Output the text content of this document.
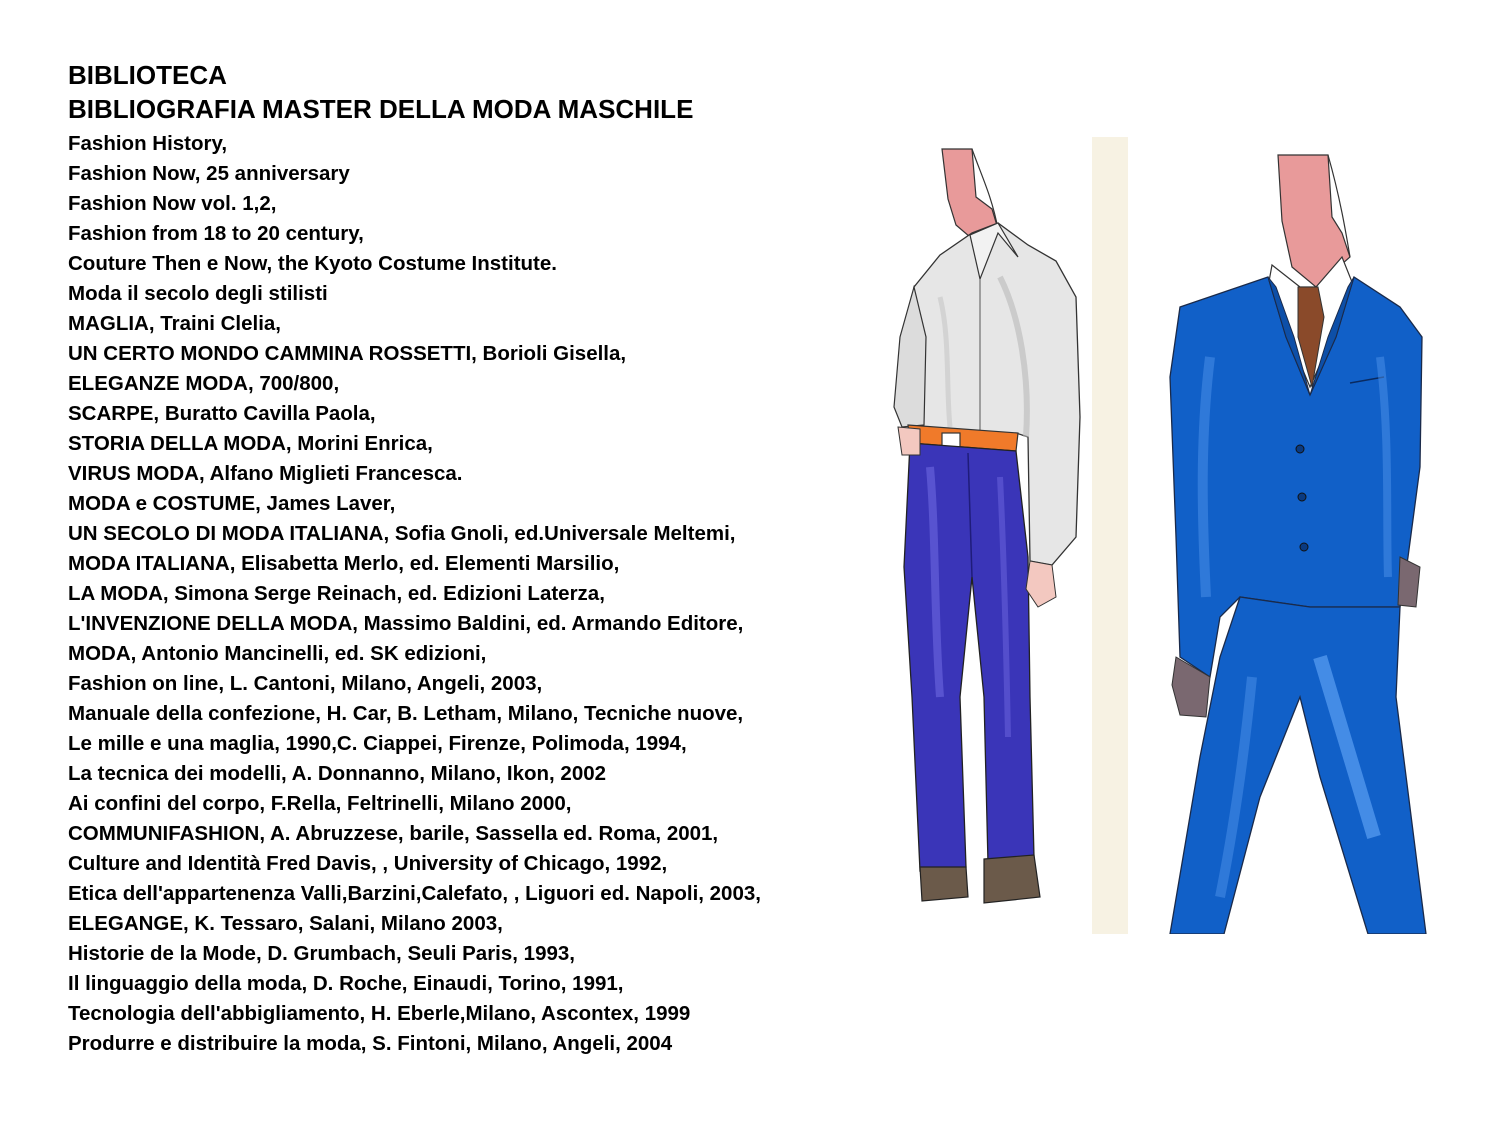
BIBLIOTECA
BIBLIOGRAFIA MASTER DELLA MODA MASCHILE
Fashion History,
Fashion Now, 25 anniversary
Fashion Now vol. 1,2,
Fashion from 18 to 20 century,
Couture Then e Now, the Kyoto Costume Institute.
Moda il secolo degli stilisti
MAGLIA, Traini Clelia,
UN CERTO MONDO CAMMINA ROSSETTI, Borioli Gisella,
ELEGANZE MODA, 700/800,
SCARPE, Buratto Cavilla Paola,
STORIA DELLA MODA, Morini Enrica,
VIRUS MODA, Alfano Miglieti Francesca.
MODA e COSTUME, James Laver,
UN SECOLO DI MODA ITALIANA, Sofia Gnoli, ed.Universale Meltemi,
MODA ITALIANA, Elisabetta Merlo, ed. Elementi Marsilio,
LA MODA, Simona Serge Reinach, ed. Edizioni Laterza,
L'INVENZIONE DELLA MODA, Massimo Baldini, ed. Armando Editore,
MODA, Antonio Mancinelli, ed. SK edizioni,
Fashion on line, L. Cantoni, Milano, Angeli, 2003,
Manuale della confezione, H. Car, B. Letham, Milano, Tecniche nuove,
Le mille e una maglia, 1990,C. Ciappei, Firenze, Polimoda, 1994,
La tecnica dei modelli, A. Donnanno, Milano, Ikon, 2002
Ai confini del corpo, F.Rella, Feltrinelli, Milano 2000,
COMMUNIFASHION, A. Abruzzese, barile, Sassella ed. Roma, 2001,
Culture and Identità Fred Davis, , University of Chicago, 1992,
Etica dell'appartenenza Valli,Barzini,Calefato, , Liguori ed. Napoli, 2003,
ELEGANGE, K. Tessaro, Salani, Milano 2003,
Historie de la Mode, D. Grumbach, Seuli Paris, 1993,
Il linguaggio della moda, D. Roche, Einaudi, Torino, 1991,
Tecnologia dell'abbigliamento, H. Eberle,Milano, Ascontex, 1999
Produrre e distribuire la moda, S. Fintoni, Milano, Angeli, 2004
